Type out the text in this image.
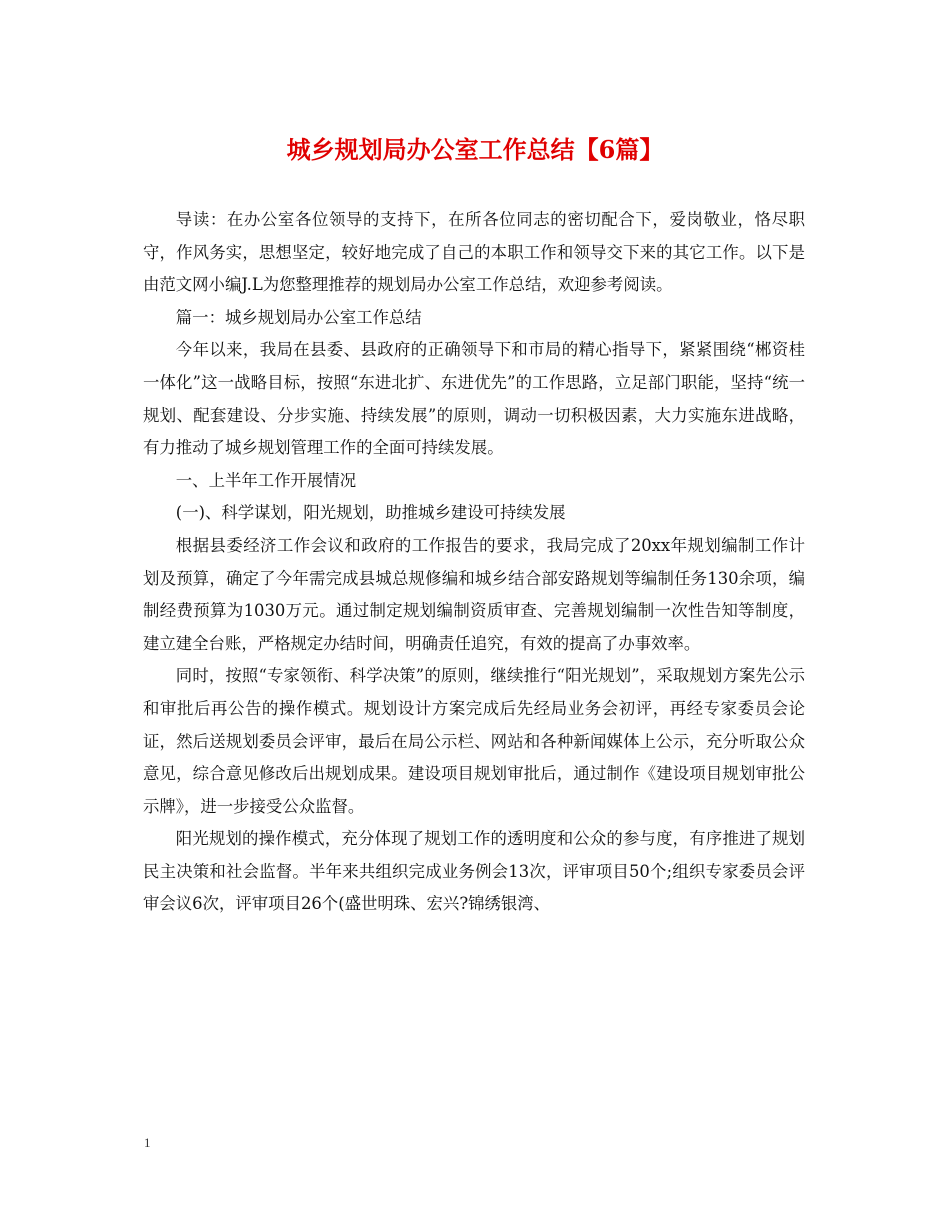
城乡规划局办公室工作总结【6篇】

导读：在办公室各位领导的支持下，在所各位同志的密切配合下，爱岗敬业，恪尽职守，作风务实，思想坚定，较好地完成了自己的本职工作和领导交下来的其它工作。以下是由范文网小编J.L为您整理推荐的规划局办公室工作总结，欢迎参考阅读。

篇一：城乡规划局办公室工作总结

今年以来，我局在县委、县政府的正确领导下和市局的精心指导下，紧紧围绕“郴资桂一体化”这一战略目标，按照“东进北扩、东进优先”的工作思路，立足部门职能，坚持“统一规划、配套建设、分步实施、持续发展”的原则，调动一切积极因素，大力实施东进战略，有力推动了城乡规划管理工作的全面可持续发展。

一、上半年工作开展情况

(一)、科学谋划，阳光规划，助推城乡建设可持续发展

根据县委经济工作会议和政府的工作报告的要求，我局完成了20xx年规划编制工作计划及预算，确定了今年需完成县城总规修编和城乡结合部安路规划等编制任务130余项，编制经费预算为1030万元。通过制定规划编制资质审查、完善规划编制一次性告知等制度，建立建全台账，严格规定办结时间，明确责任追究，有效的提高了办事效率。

同时，按照“专家领衔、科学决策”的原则，继续推行“阳光规划”，采取规划方案先公示和审批后再公告的操作模式。规划设计方案完成后先经局业务会初评，再经专家委员会论证，然后送规划委员会评审，最后在局公示栏、网站和各种新闻媒体上公示，充分听取公众意见，综合意见修改后出规划成果。建设项目规划审批后，通过制作《建设项目规划审批公示牌》，进一步接受公众监督。

阳光规划的操作模式，充分体现了规划工作的透明度和公众的参与度，有序推进了规划民主决策和社会监督。半年来共组织完成业务例会13次，评审项目50个;组织专家委员会评审会议6次，评审项目26个(盛世明珠、宏兴?锦绣银湾、

1
